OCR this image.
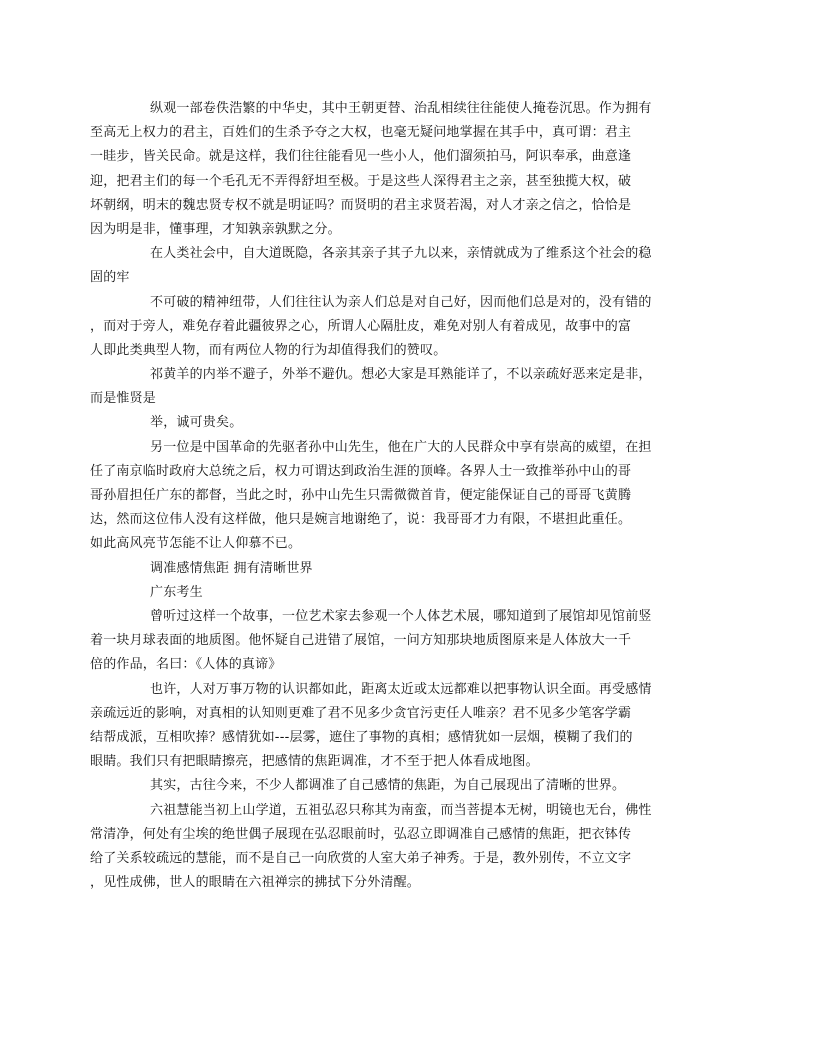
纵观一部卷佚浩繁的中华史，其中王朝更替、治乱相续往往能使人掩卷沉思。作为拥有
至高无上权力的君主，百姓们的生杀予夺之大权，也毫无疑问地掌握在其手中，真可谓：君主
一眭步，皆关民命。就是这样，我们往往能看见一些小人，他们溜须拍马，阿识奉承，曲意逢
迎，把君主们的每一个毛孔无不弄得舒坦至极。于是这些人深得君主之亲，甚至独揽大权，破
坏朝纲，明末的魏忠贤专权不就是明证吗？而贤明的君主求贤若渴，对人才亲之信之，恰恰是
因为明是非，懂事理，才知孰亲孰默之分。
在人类社会中，自大道既隐，各亲其亲子其子九以来，亲情就成为了维系这个社会的稳
固的牢
不可破的精神纽带，人们往往认为亲人们总是对自己好，因而他们总是对的，没有错的
，而对于旁人，难免存着此疆彼界之心，所谓人心隔肚皮，难免对别人有着成见，故事中的富
人即此类典型人物，而有两位人物的行为却值得我们的赞叹。
祁黄羊的内举不避子，外举不避仇。想必大家是耳熟能详了，不以亲疏好恶来定是非，
而是惟贤是
举，诚可贵矣。
另一位是中国革命的先驱者孙中山先生，他在广大的人民群众中享有崇高的威望，在担
任了南京临时政府大总统之后，权力可谓达到政治生涯的顶峰。各界人士一致推举孙中山的哥
哥孙眉担任广东的都督，当此之时，孙中山先生只需微微首肯，便定能保证自己的哥哥飞黄腾
达，然而这位伟人没有这样做，他只是婉言地谢绝了，说：我哥哥才力有限，不堪担此重任。
如此高风亮节怎能不让人仰慕不已。
调准感情焦距 拥有清晰世界
广东考生
曾听过这样一个故事，一位艺术家去参观一个人体艺术展，哪知道到了展馆却见馆前竖
着一块月球表面的地质图。他怀疑自己进错了展馆，一问方知那块地质图原来是人体放大一千
倍的作品，名曰：《人体的真谛》
也许，人对万事万物的认识都如此，距离太近或太远都难以把事物认识全面。再受感情
亲疏远近的影响，对真相的认知则更难了君不见多少贪官污吏任人唯亲？君不见多少笔客学霸
结帮成派，互相吹捧？感情犹如---层雾，遮住了事物的真相；感情犹如一层烟，模糊了我们的
眼睛。我们只有把眼睛擦亮，把感情的焦距调准，才不至于把人体看成地图。
其实，古往今来，不少人都调准了自己感情的焦距，为自己展现出了清晰的世界。
六祖慧能当初上山学道，五祖弘忍只称其为南蛮，而当菩提本无树，明镜也无台，佛性
常清净，何处有尘埃的绝世偶子展现在弘忍眼前时，弘忍立即调准自己感情的焦距，把衣钵传
给了关系较疏远的慧能，而不是自己一向欣赏的人室大弟子神秀。于是，教外别传，不立文字
，见性成佛，世人的眼睛在六祖禅宗的拂拭下分外清醒。
